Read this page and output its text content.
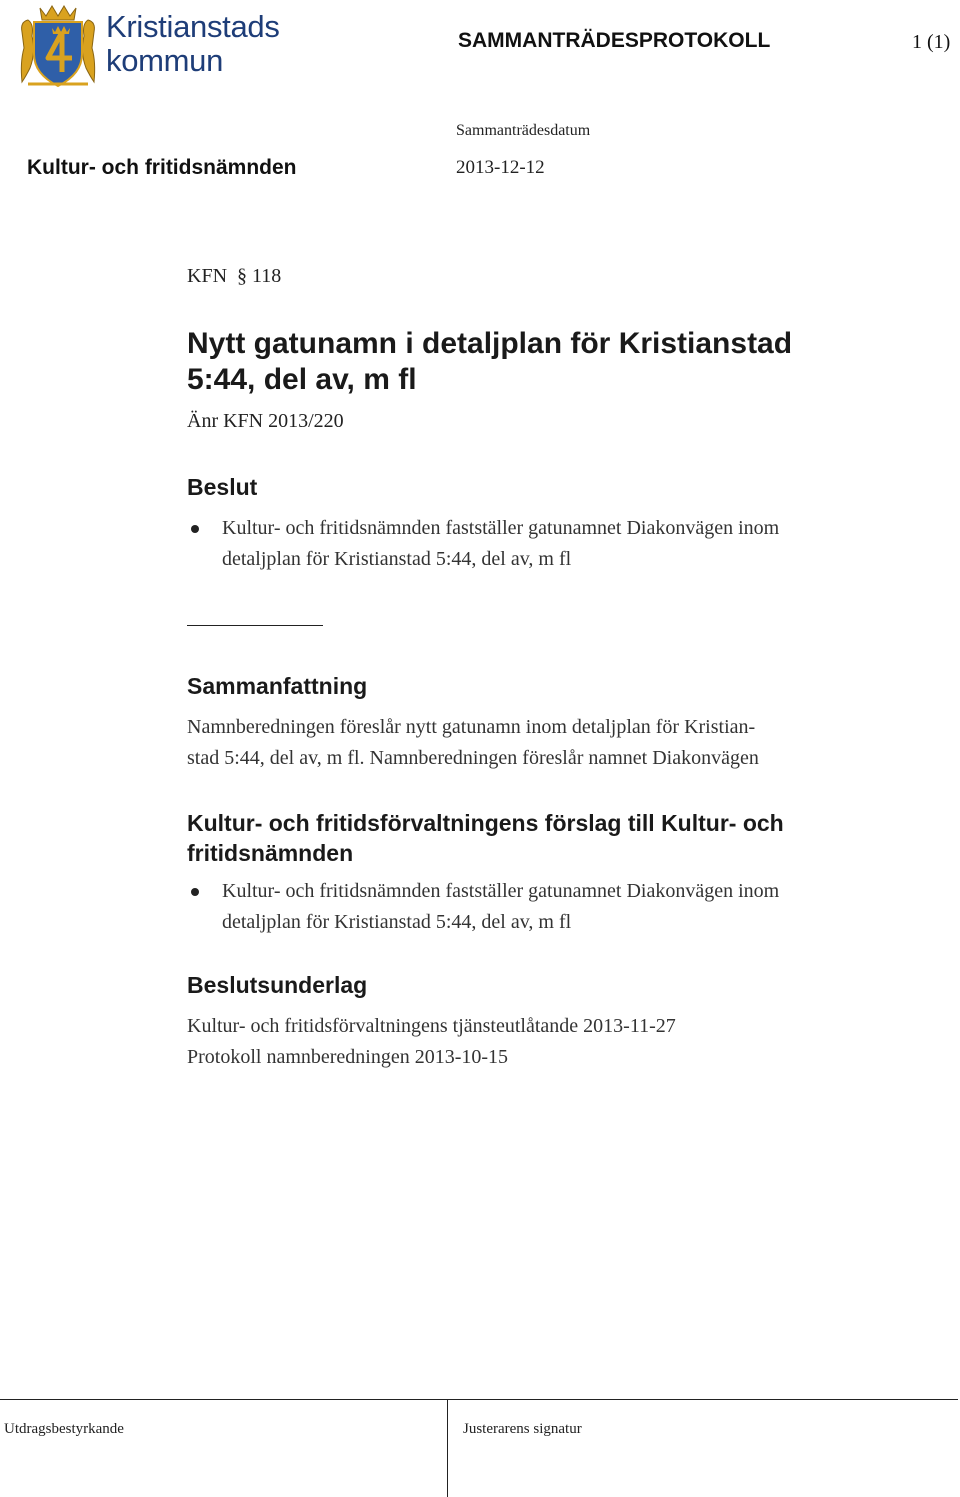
Kristianstads
kommun
SAMMANTRÄDESPROTOKOLL	1 (1)
Sammanträdesdatum
Kultur- och fritidsnämnden	2013-12-12
KFN  § 118
Nytt gatunamn i detaljplan för Kristianstad
5:44, del av, m fl
Änr KFN 2013/220
Beslut
Kultur- och fritidsnämnden fastställer gatunamnet Diakonvägen inom
detaljplan för Kristianstad 5:44, del av, m fl
Sammanfattning
Namnberedningen föreslår nytt gatunamn inom detaljplan för Kristian-
stad 5:44, del av, m fl. Namnberedningen föreslår namnet Diakonvägen
Kultur- och fritidsförvaltningens förslag till Kultur- och
fritidsnämnden
Kultur- och fritidsnämnden fastställer gatunamnet Diakonvägen inom
detaljplan för Kristianstad 5:44, del av, m fl
Beslutsunderlag
Kultur- och fritidsförvaltningens tjänsteutlåtande 2013-11-27
Protokoll namnberedningen 2013-10-15
Utdragsbestyrkande	Justerarens signatur
